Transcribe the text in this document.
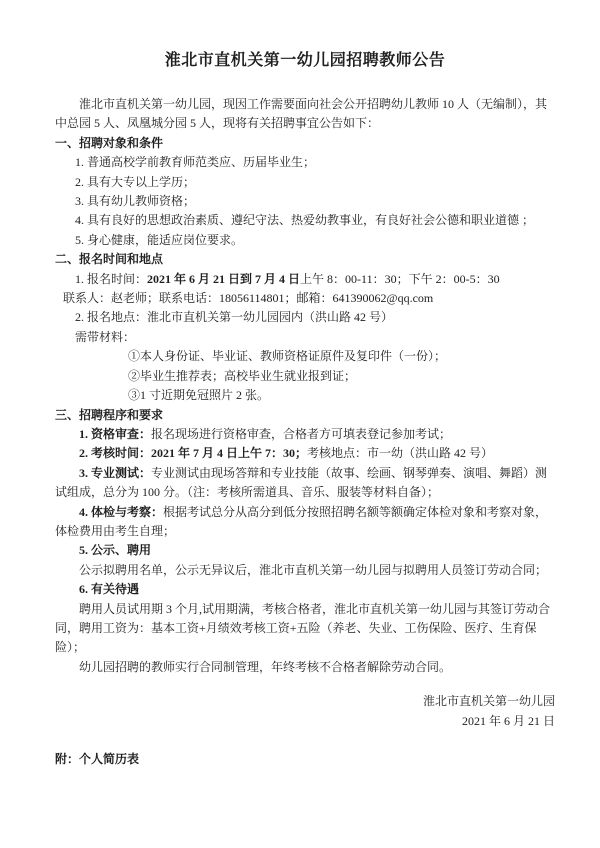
淮北市直机关第一幼儿园招聘教师公告

淮北市直机关第一幼儿园，现因工作需要面向社会公开招聘幼儿教师 10 人（无编制），其中总园 5 人、凤凰城分园 5 人，现将有关招聘事宜公告如下：

一、招聘对象和条件

1. 普通高校学前教育师范类应、历届毕业生；

2. 具有大专以上学历；

3. 具有幼儿教师资格；

4. 具有良好的思想政治素质、遵纪守法、热爱幼教事业，有良好社会公德和职业道德 ；

5. 身心健康，能适应岗位要求。

二、报名时间和地点

1. 报名时间：2021 年 6 月 21 日到 7 月 4 日上午 8：00-11：30；下午 2：00-5：30

联系人：赵老师；联系电话：18056114801；邮箱：641390062@qq.com

2. 报名地点：淮北市直机关第一幼儿园园内（洪山路 42 号）

需带材料：

①本人身份证、毕业证、教师资格证原件及复印件（一份）；

②毕业生推荐表；高校毕业生就业报到证；

③1 寸近期免冠照片 2 张。

三、招聘程序和要求

1. 资格审查：报名现场进行资格审查，合格者方可填表登记参加考试；

2. 考核时间：2021 年 7 月 4 日上午 7：30；考核地点：市一幼（洪山路 42 号）

3. 专业测试：专业测试由现场答辩和专业技能（故事、绘画、钢琴弹奏、演唱、舞蹈）测试组成，总分为 100 分。（注：考核所需道具、音乐、服装等材料自备）；

4. 体检与考察：根据考试总分从高分到低分按照招聘名额等额确定体检对象和考察对象，体检费用由考生自理；

5. 公示、聘用

公示拟聘用名单，公示无异议后，淮北市直机关第一幼儿园与拟聘用人员签订劳动合同；

6. 有关待遇

聘用人员试用期 3 个月,试用期满，考核合格者，淮北市直机关第一幼儿园与其签订劳动合同，聘用工资为：基本工资+月绩效考核工资+五险（养老、失业、工伤保险、医疗、生育保险）；

幼儿园招聘的教师实行合同制管理，年终考核不合格者解除劳动合同。

淮北市直机关第一幼儿园

2021 年 6 月 21 日

附：个人简历表
